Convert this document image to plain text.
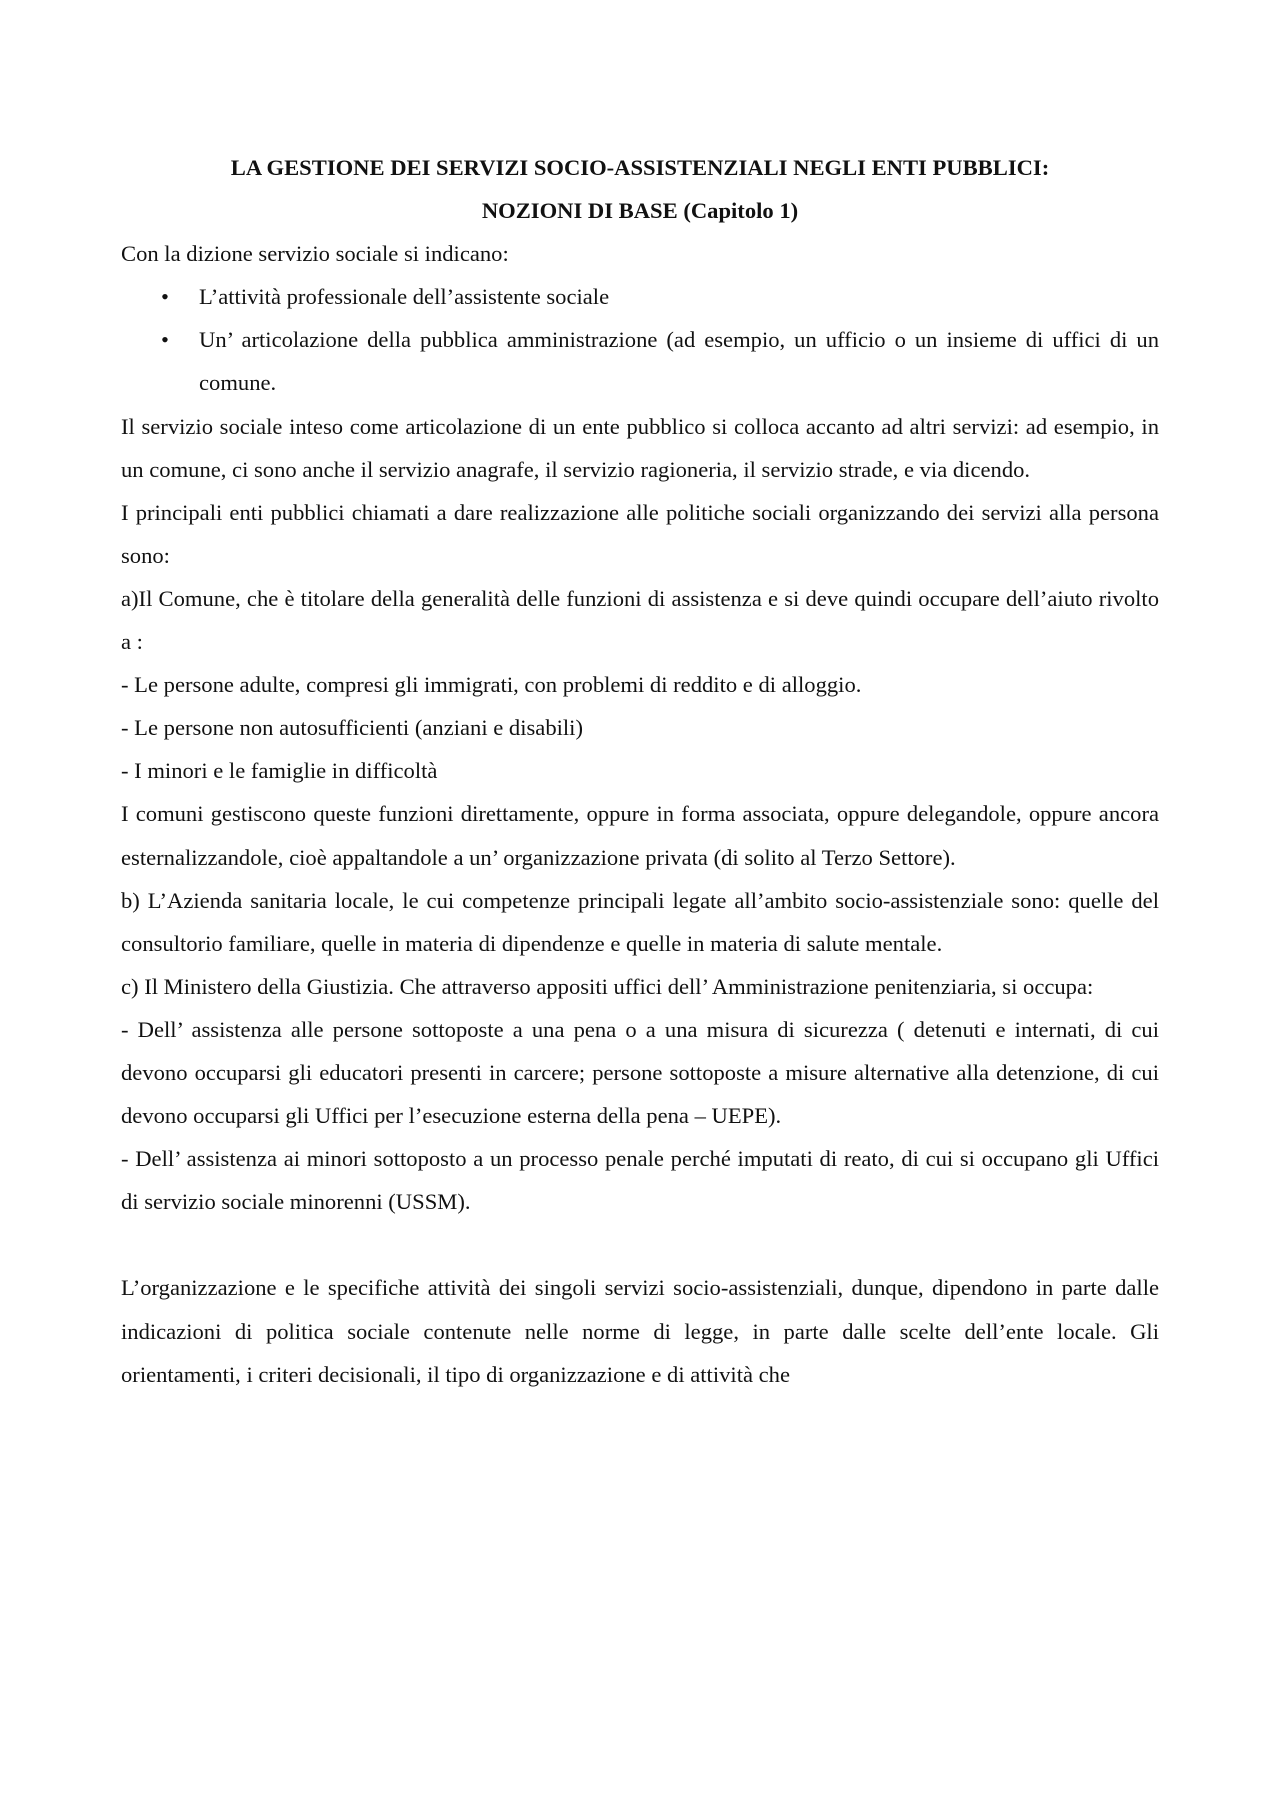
LA GESTIONE DEI SERVIZI SOCIO-ASSISTENZIALI NEGLI ENTI PUBBLICI:

NOZIONI DI BASE (Capitolo 1)

Con la dizione servizio sociale si indicano:

• L’attività professionale dell’assistente sociale
• Un’ articolazione della pubblica amministrazione (ad esempio, un ufficio o un insieme di uffici di un comune.

Il servizio sociale inteso come articolazione di un ente pubblico si colloca accanto ad altri servizi: ad esempio, in un comune, ci sono anche il servizio anagrafe, il servizio ragioneria, il servizio strade, e via dicendo.

I principali enti pubblici chiamati a dare realizzazione alle politiche sociali organizzando dei servizi alla persona sono:

a)Il Comune, che è titolare della generalità delle funzioni di assistenza e si deve quindi occupare dell’aiuto rivolto a :

- Le persone adulte, compresi gli immigrati, con problemi di reddito e di alloggio.

- Le persone non autosufficienti (anziani e disabili)

- I minori e le famiglie in difficoltà

I comuni gestiscono queste funzioni direttamente, oppure in forma associata, oppure delegandole, oppure ancora esternalizzandole, cioè appaltandole a un’ organizzazione privata (di solito al Terzo Settore).

b) L’Azienda sanitaria locale, le cui competenze principali legate all’ambito socio-assistenziale sono: quelle del consultorio familiare, quelle in materia di dipendenze e quelle in materia di salute mentale.

c) Il Ministero della Giustizia. Che attraverso appositi uffici dell’ Amministrazione penitenziaria, si occupa:

- Dell’ assistenza alle persone sottoposte a una pena o a una misura di sicurezza ( detenuti e internati, di cui devono occuparsi gli educatori presenti in carcere; persone sottoposte a misure alternative alla detenzione, di cui devono occuparsi gli Uffici per l’esecuzione esterna della pena – UEPE).

- Dell’ assistenza ai minori sottoposto a un processo penale perché imputati di reato, di cui si occupano gli Uffici di servizio sociale minorenni (USSM).

L’organizzazione e le specifiche attività dei singoli servizi socio-assistenziali, dunque, dipendono in parte dalle indicazioni di politica sociale contenute nelle norme di legge, in parte dalle scelte dell’ente locale. Gli orientamenti, i criteri decisionali, il tipo di organizzazione e di attività che
